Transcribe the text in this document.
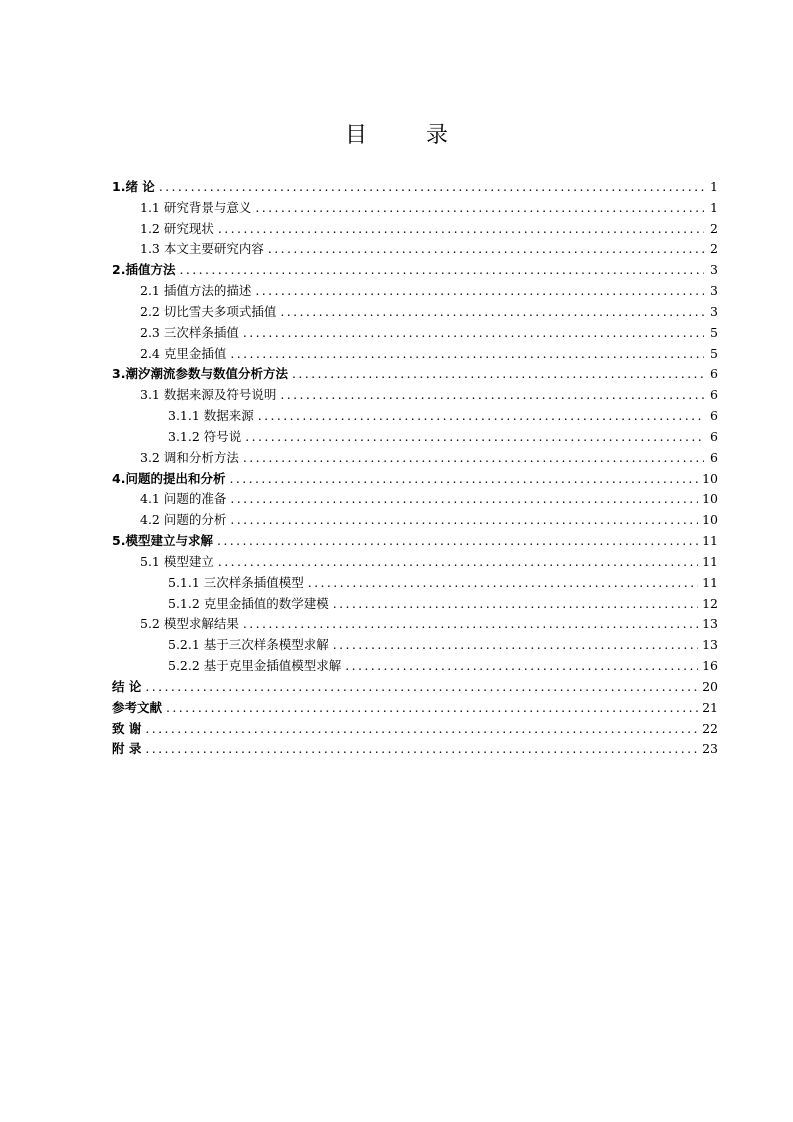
目 录
1.绪 论 .....	1
1.1 研究背景与意义 .....	1
1.2 研究现状 .....	2
1.3 本文主要研究内容 .....	2
2.插值方法 .....	3
2.1 插值方法的描述 .....	3
2.2 切比雪夫多项式插值 .....	3
2.3 三次样条插值 .....	5
2.4 克里金插值 .....	5
3.潮汐潮流参数与数值分析方法 .....	6
3.1 数据来源及符号说明 .....	6
3.1.1 数据来源 .....	6
3.1.2 符号说 .....	6
3.2 调和分析方法 .....	6
4.问题的提出和分析 .....	10
4.1 问题的准备 .....	10
4.2 问题的分析 .....	10
5.模型建立与求解 .....	11
5.1 模型建立 .....	11
5.1.1 三次样条插值模型 .....	11
5.1.2 克里金插值的数学建模 .....	12
5.2 模型求解结果 .....	13
5.2.1 基于三次样条模型求解 .....	13
5.2.2 基于克里金插值模型求解 .....	16
结 论 .....	20
参考文献 .....	21
致 谢 .....	22
附 录 .....	23
